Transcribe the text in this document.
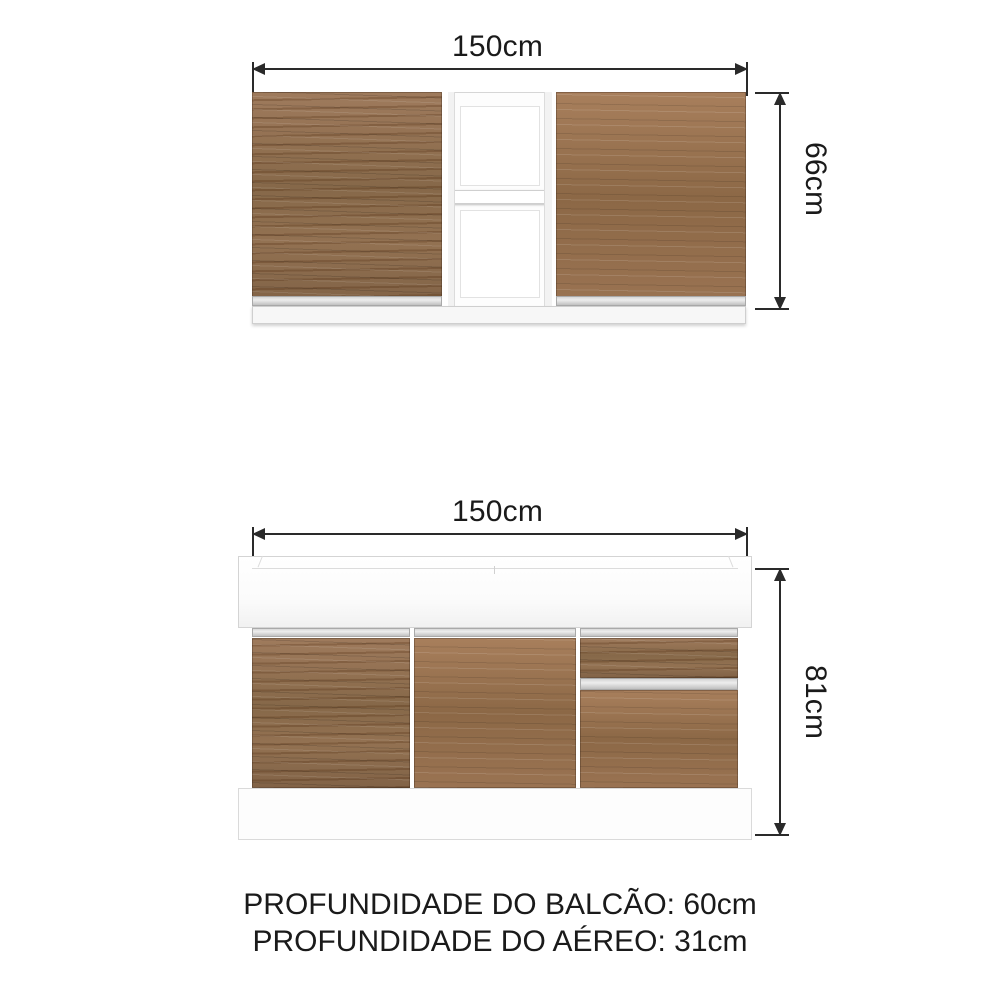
150cm
66cm
150cm
81cm
PROFUNDIDADE DO BALCÃO: 60cm
PROFUNDIDADE DO AÉREO: 31cm
